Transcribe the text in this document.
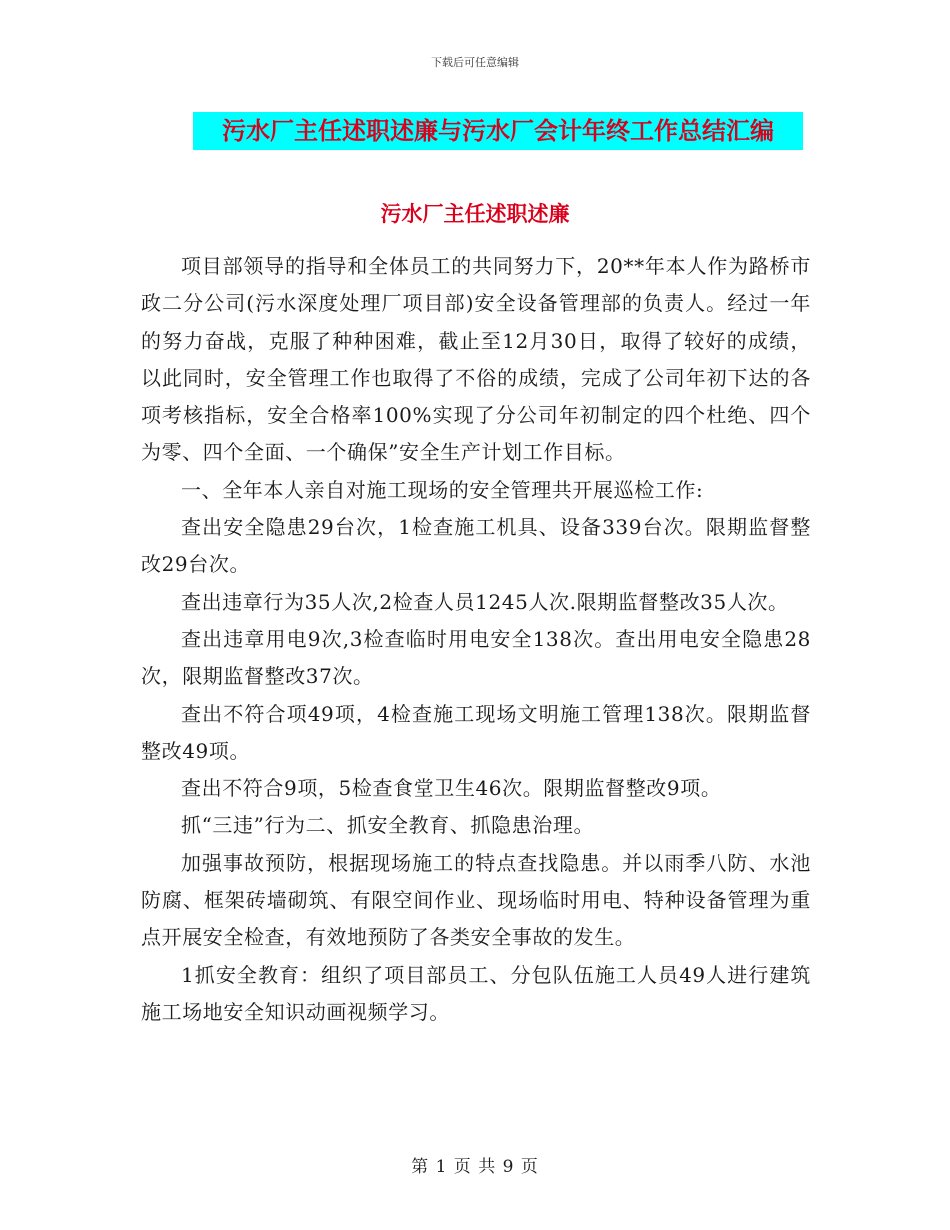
下载后可任意编辑
污水厂主任述职述廉与污水厂会计年终工作总结汇编
污水厂主任述职述廉

项目部领导的指导和全体员工的共同努力下，20**年本人作为路桥市政二分公司(污水深度处理厂项目部)安全设备管理部的负责人。经过一年的努力奋战，克服了种种困难，截止至12月30日，取得了较好的成绩，以此同时，安全管理工作也取得了不俗的成绩，完成了公司年初下达的各项考核指标，安全合格率100%实现了分公司年初制定的四个杜绝、四个为零、四个全面、一个确保”安全生产计划工作目标。

一、全年本人亲自对施工现场的安全管理共开展巡检工作:

查出安全隐患29台次，1检查施工机具、设备339台次。限期监督整改29台次。

查出违章行为35人次,2检查人员1245人次.限期监督整改35人次。

查出违章用电9次,3检查临时用电安全138次。查出用电安全隐患28次，限期监督整改37次。

查出不符合项49项，4检查施工现场文明施工管理138次。限期监督整改49项。

查出不符合9项，5检查食堂卫生46次。限期监督整改9项。

抓“三违”行为二、抓安全教育、抓隐患治理。

加强事故预防，根据现场施工的特点查找隐患。并以雨季八防、水池防腐、框架砖墙砌筑、有限空间作业、现场临时用电、特种设备管理为重点开展安全检查，有效地预防了各类安全事故的发生。

1抓安全教育：组织了项目部员工、分包队伍施工人员49人进行建筑施工场地安全知识动画视频学习。

第 1 页 共 9 页
